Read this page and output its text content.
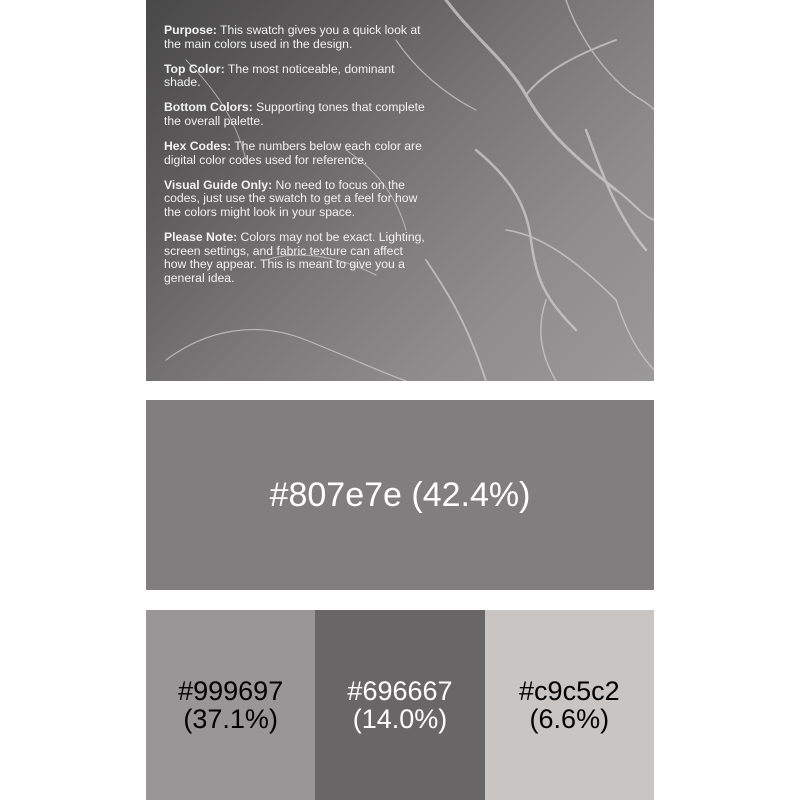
Purpose: This swatch gives you a quick look at the main colors used in the design.

Top Color: The most noticeable, dominant shade.

Bottom Colors: Supporting tones that complete the overall palette.

Hex Codes: The numbers below each color are digital color codes used for reference.

Visual Guide Only: No need to focus on the codes, just use the swatch to get a feel for how the colors might look in your space.

Please Note: Colors may not be exact. Lighting, screen settings, and fabric texture can affect how they appear. This is meant to give you a general idea.

#807e7e (42.4%)
#999697
(37.1%)
#696667
(14.0%)
#c9c5c2
(6.6%)
